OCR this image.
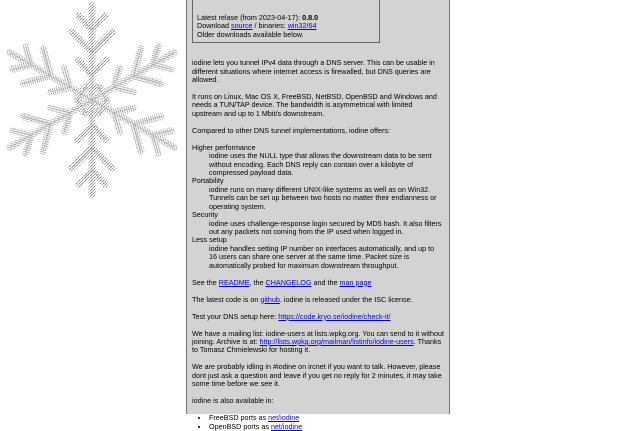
Latest relase (from 2023-04-17): 0.8.0
Download source / binaries: win32/64
Older downloads available below.

iodine lets you tunnel IPv4 data through a DNS server. This can be usable in different situations where internet access is firewalled, but DNS queries are allowed.

It runs on Linux, Mac OS X, FreeBSD, NetBSD, OpenBSD and Windows and needs a TUN/TAP device. The bandwidth is asymmetrical with limited upstream and up to 1 Mbit/s downstream.

Compared to other DNS tunnel implementations, iodine offers:

Higher performance
iodine uses the NULL type that allows the downstream data to be sent without encoding. Each DNS reply can contain over a kilobyte of compressed payload data.
Portability
iodine runs on many different UNIX-like systems as well as on Win32. Tunnels can be set up between two hosts no matter their endianness or operating system.
Security
iodine uses challenge-response login secured by MD5 hash. It also filters out any packets not coming from the IP used when logged in.
Less setup
iodine handles setting IP number on interfaces automatically, and up to 16 users can share one server at the same time. Packet size is automatically probed for maximum downstream throughput.

See the README, the CHANGELOG and the man page

The latest code is on github. iodine is released under the ISC license.

Test your DNS setup here: https://code.kryo.se/iodine/check-it/

We have a mailing list: iodine-users at lists.wpkg.org. You can send to it without joining. Archive is at: http://lists.wpkg.org/mailman/listinfo/iodine-users. Thanks to Tomasz Chmielewski for hosting it.

We are probably idling in #iodine on ircnet if you want to talk. However, please dont just ask a question and leave if you get no reply for 2 minutes, it may take some time before we see it.

iodine is also available in:

• FreeBSD ports as net/iodine
• OpenBSD ports as net/iodine
